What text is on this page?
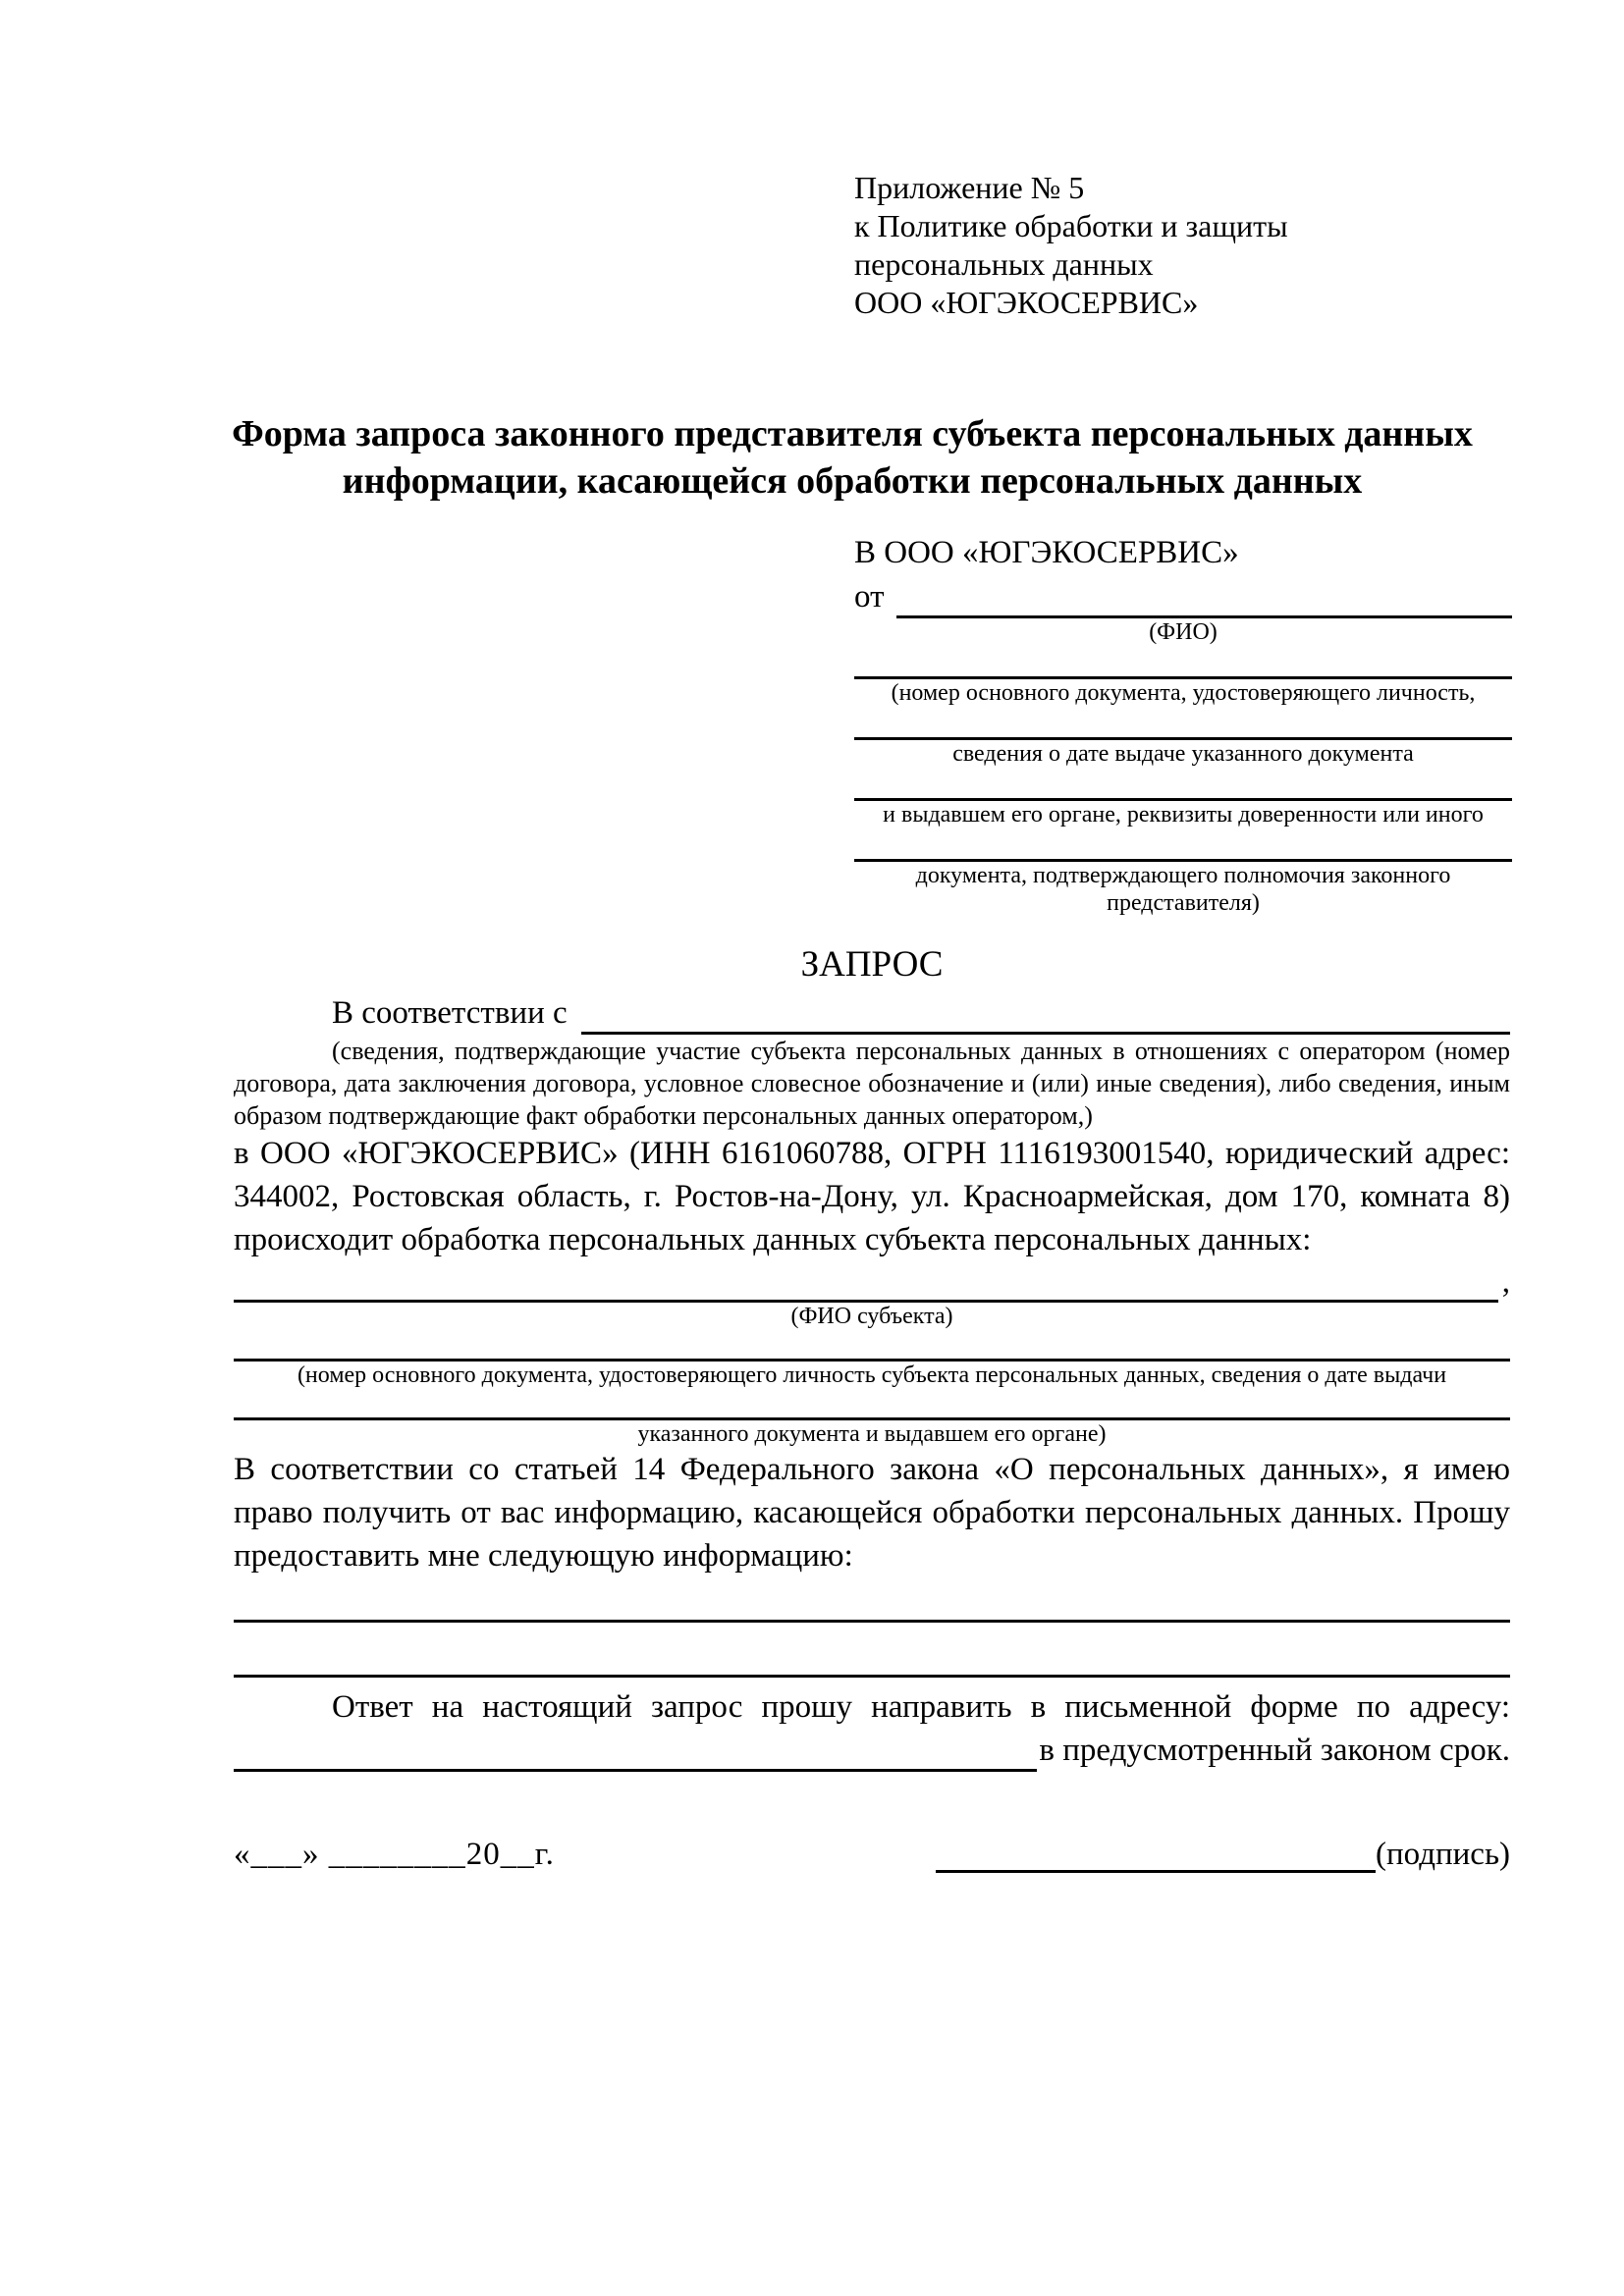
Приложение № 5
к Политике обработки и защиты
персональных данных
ООО «ЮГЭКОСЕРВИС»
Форма запроса законного представителя субъекта персональных данных информации, касающейся обработки персональных данных
В ООО «ЮГЭКОСЕРВИС»
от
(ФИО)
(номер основного документа, удостоверяющего личность,
сведения о дате выдаче указанного документа
и выдавшем его органе, реквизиты доверенности или иного
документа, подтверждающего полномочия законного представителя)
ЗАПРОС
В соответствии с
(сведения, подтверждающие участие субъекта персональных данных в отношениях с оператором (номер договора, дата заключения договора, условное словесное обозначение и (или) иные сведения), либо сведения, иным образом подтверждающие факт обработки персональных данных оператором,)
в ООО «ЮГЭКОСЕРВИС» (ИНН 6161060788, ОГРН 1116193001540, юридический адрес: 344002, Ростовская область, г. Ростов-на-Дону, ул. Красноармейская, дом 170, комната 8) происходит обработка персональных данных субъекта персональных данных:
,
(ФИО субъекта)
(номер основного документа, удостоверяющего личность субъекта персональных данных, сведения о дате выдачи
указанного документа и выдавшем его органе)
В соответствии со статьей 14 Федерального закона «О персональных данных», я имею право получить от вас информацию, касающейся обработки персональных данных. Прошу предоставить мне следующую информацию:
Ответ на настоящий запрос прошу направить в письменной форме по адресу:
в предусмотренный законом срок.
«___» ________20__г.	(подпись)
